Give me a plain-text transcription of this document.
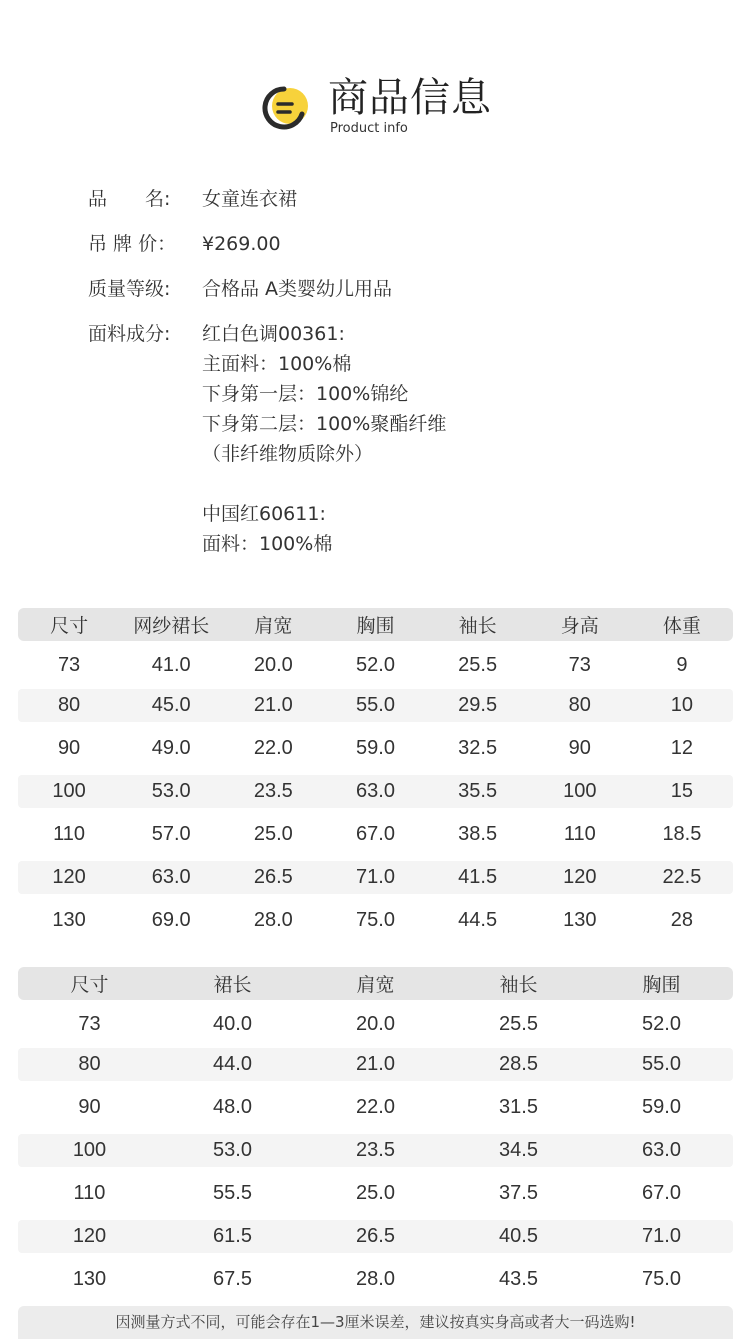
商品信息
Product info
品　　名:	女童连衣裙
吊 牌 价：	¥269.00
质量等级:	合格品 A类婴幼儿用品
面料成分:	红白色调00361:
主面料：100%棉
下身第一层：100%锦纶
下身第二层：100%聚酯纤维
（非纤维物质除外）
中国红60611:
面料：100%棉
尺寸	网纱裙长	肩宽	胸围	袖长	身高	体重
73	41.0	20.0	52.0	25.5	73	9
80	45.0	21.0	55.0	29.5	80	10
90	49.0	22.0	59.0	32.5	90	12
100	53.0	23.5	63.0	35.5	100	15
110	57.0	25.0	67.0	38.5	110	18.5
120	63.0	26.5	71.0	41.5	120	22.5
130	69.0	28.0	75.0	44.5	130	28
尺寸	裙长	肩宽	袖长	胸围
73	40.0	20.0	25.5	52.0
80	44.0	21.0	28.5	55.0
90	48.0	22.0	31.5	59.0
100	53.0	23.5	34.5	63.0
110	55.5	25.0	37.5	67.0
120	61.5	26.5	40.5	71.0
130	67.5	28.0	43.5	75.0
因测量方式不同，可能会存在1—3厘米误差，建议按真实身高或者大一码选购!
